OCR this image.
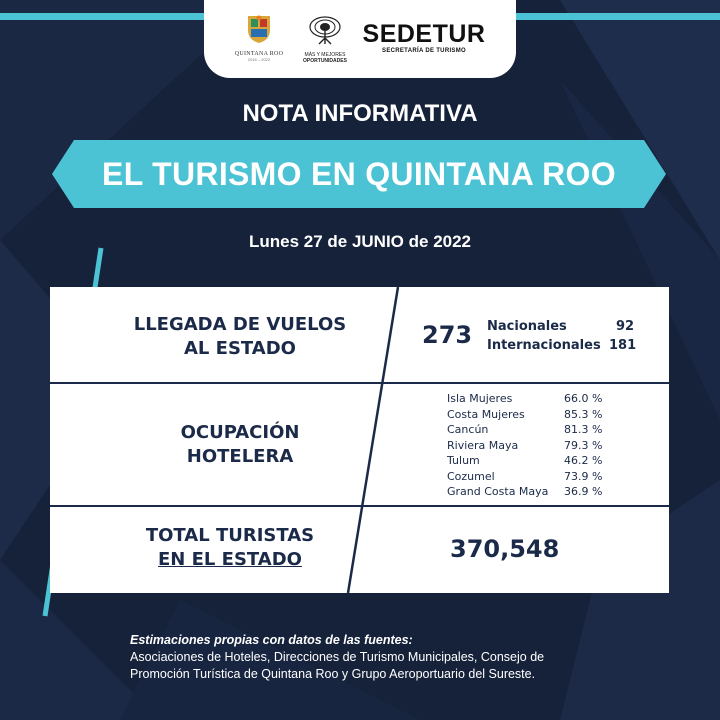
QUINTANA ROO
2016 – 2022
MÁS Y MEJORES
OPORTUNIDADES
SEDETUR
SECRETARÍA DE TURISMO
NOTA INFORMATIVA
EL TURISMO EN QUINTANA ROO
Lunes 27 de JUNIO de 2022
LLEGADA DE VUELOS
AL ESTADO	273 Nacionales	92
Internacionales 181
OCUPACIÓN
HOTELERA
Isla Mujeres	66.0 %
Costa Mujeres	85.3 %
Cancún	81.3 %
Riviera Maya	79.3 %
Tulum	46.2 %
Cozumel	73.9 %
Grand Costa Maya 36.9 %
TOTAL TURISTAS
EN EL ESTADO	370,548
Estimaciones propias con datos de las fuentes:
Asociaciones de Hoteles, Direcciones de Turismo Municipales, Consejo de
Promoción Turística de Quintana Roo y Grupo Aeroportuario del Sureste.
